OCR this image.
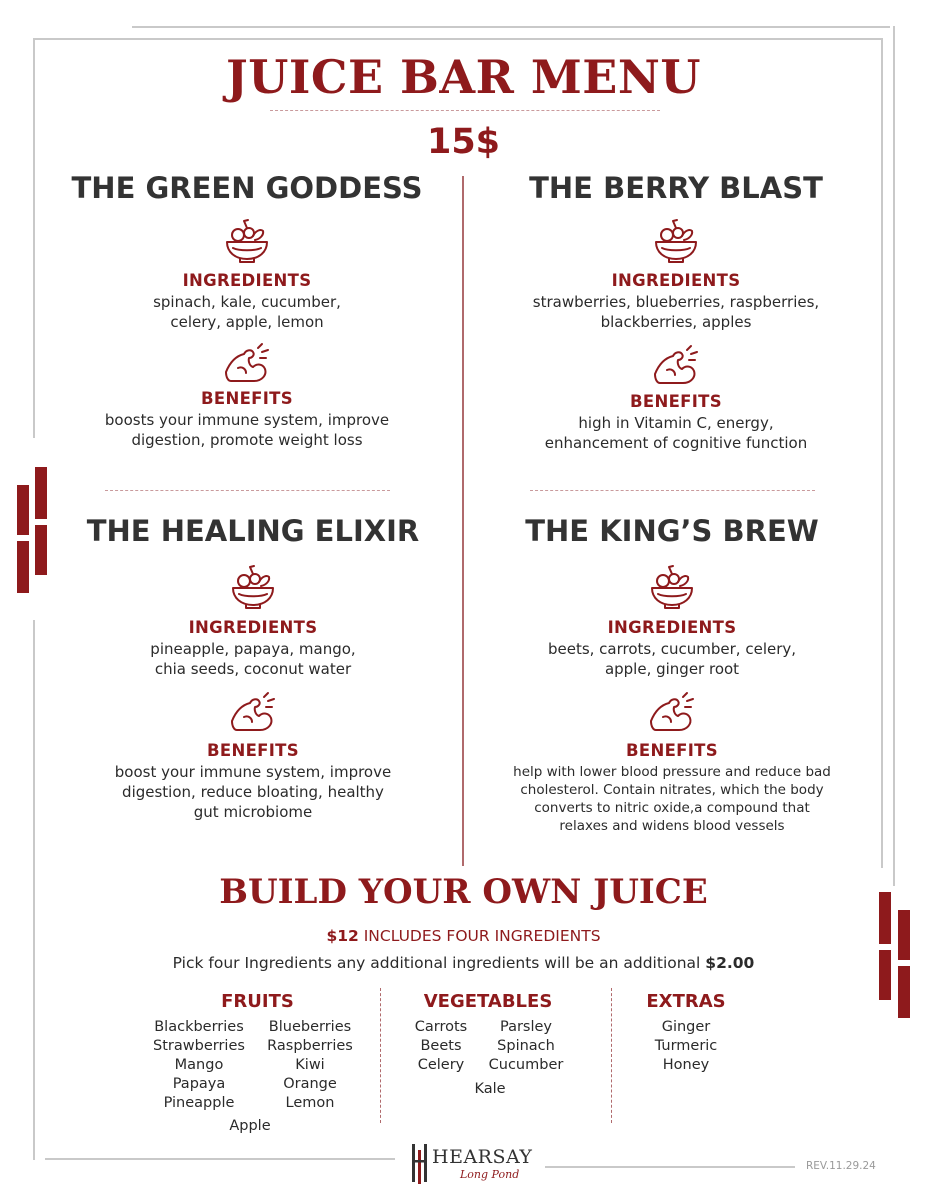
JUICE BAR MENU
15$
THE GREEN GODDESS
INGREDIENTS
spinach, kale, cucumber,
celery, apple, lemon
BENEFITS
boosts your immune system, improve
digestion, promote weight loss
THE BERRY BLAST
INGREDIENTS
strawberries, blueberries, raspberries,
blackberries, apples
BENEFITS
high in Vitamin C, energy,
enhancement of cognitive function
THE HEALING ELIXIR
INGREDIENTS
pineapple, papaya, mango,
chia seeds, coconut water
BENEFITS
boost your immune system, improve
digestion, reduce bloating, healthy
gut microbiome
THE KING’S BREW
INGREDIENTS
beets, carrots, cucumber, celery,
apple, ginger root
BENEFITS
help with lower blood pressure and reduce bad
cholesterol. Contain nitrates, which the body
converts to nitric oxide,a compound that
relaxes and widens blood vessels
BUILD YOUR OWN JUICE
$12 INCLUDES FOUR INGREDIENTS
Pick four Ingredients any additional ingredients will be an additional $2.00
FRUITS
Blackberries
Strawberries
Mango
Papaya
Pineapple
Blueberries
Raspberries
Kiwi
Orange
Lemon
Apple
VEGETABLES
Carrots
Beets
Celery
Parsley
Spinach
Cucumber
Kale
EXTRAS
Ginger
Turmeric
Honey
HEARSAY
Long Pond
REV.11.29.24
